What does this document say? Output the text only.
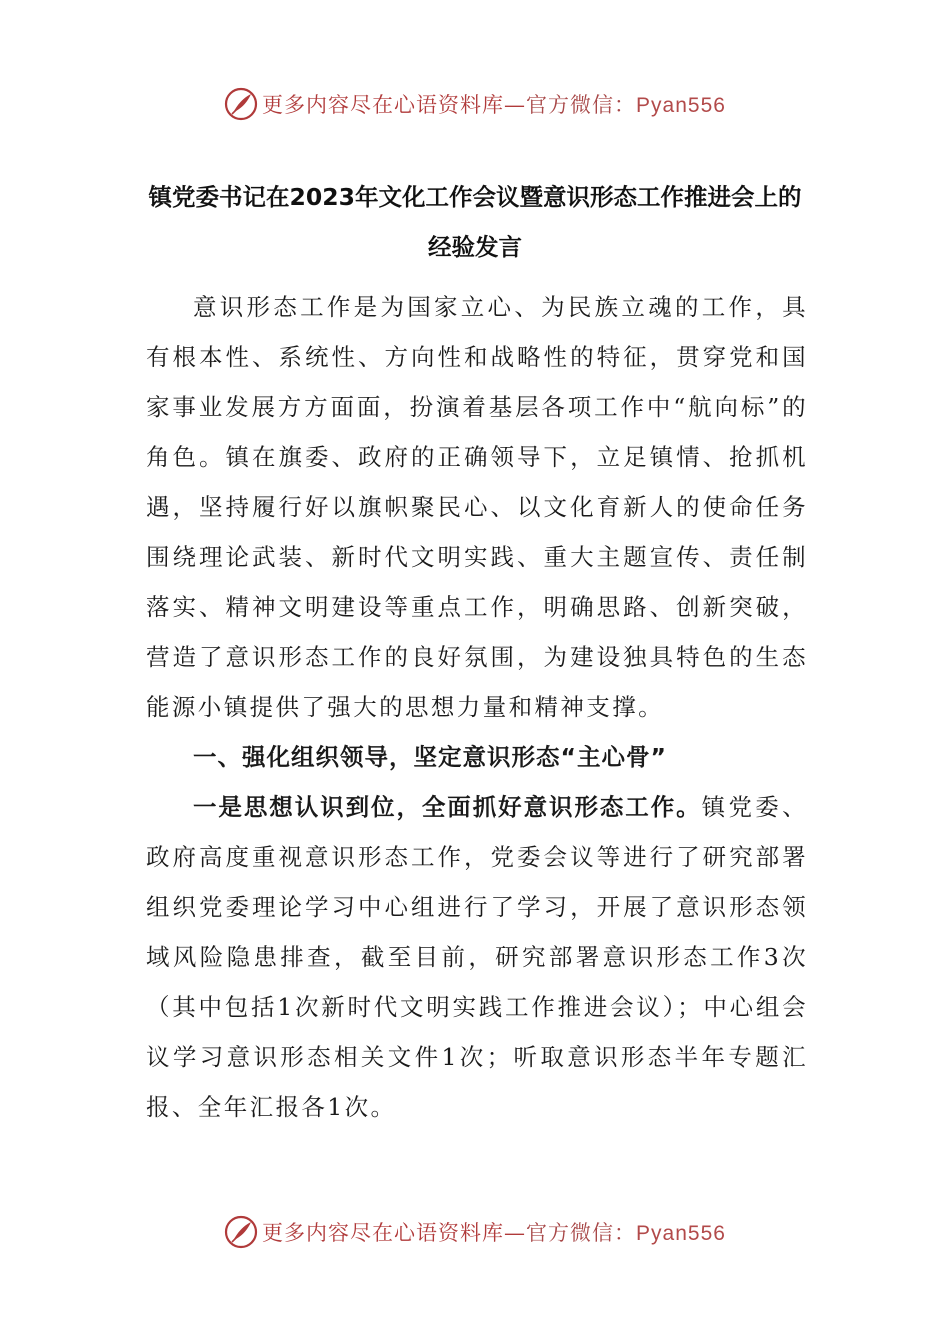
更多内容尽在心语资料库—官方微信：Pyan556
镇党委书记在2023年文化工作会议暨意识形态工作推进会上的经验发言

意识形态工作是为国家立心、为民族立魂的工作，具有根本性、系统性、方向性和战略性的特征，贯穿党和国家事业发展方方面面，扮演着基层各项工作中“航向标”的角色。镇在旗委、政府的正确领导下，立足镇情、抢抓机遇，坚持履行好以旗帜聚民心、以文化育新人的使命任务围绕理论武装、新时代文明实践、重大主题宣传、责任制落实、精神文明建设等重点工作，明确思路、创新突破，营造了意识形态工作的良好氛围，为建设独具特色的生态能源小镇提供了强大的思想力量和精神支撑。

一、强化组织领导，坚定意识形态“主心骨”

一是思想认识到位，全面抓好意识形态工作。镇党委、政府高度重视意识形态工作，党委会议等进行了研究部署组织党委理论学习中心组进行了学习，开展了意识形态领域风险隐患排查，截至目前，研究部署意识形态工作3次（其中包括1次新时代文明实践工作推进会议）；中心组会议学习意识形态相关文件1次；听取意识形态半年专题汇报、全年汇报各1次。

更多内容尽在心语资料库—官方微信：Pyan556
